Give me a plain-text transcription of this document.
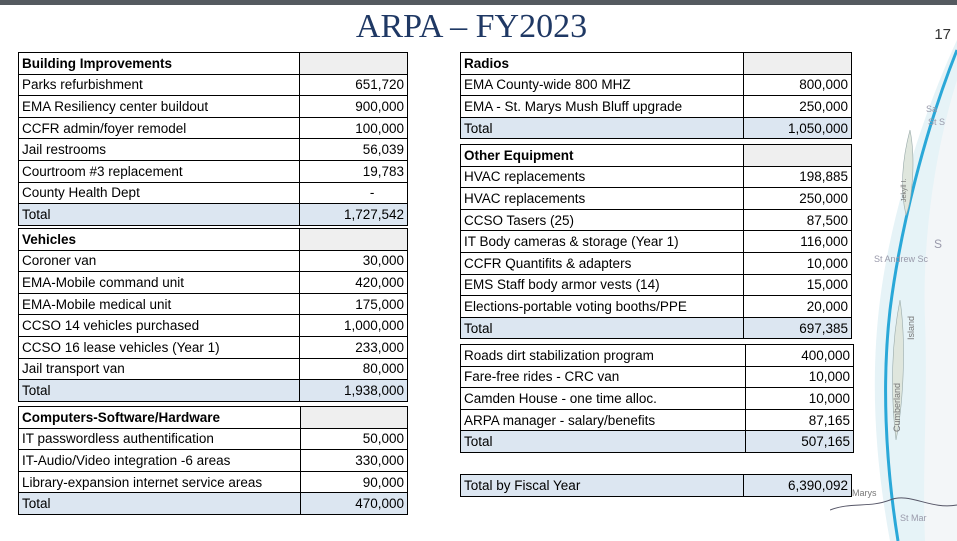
ARPA – FY2023	17
Sa
St S
Jekyll I.
S
St Andrew Sc
Island
Cumberland
Marys
St Mar
Building Improvements	
Parks refurbishment	651,720
EMA Resiliency center buildout	900,000
CCFR admin/foyer remodel	100,000
Jail restrooms	56,039
Courtroom #3 replacement	19,783
County Health Dept	-
Total	1,727,542
Vehicles	
Coroner van	30,000
EMA-Mobile command unit	420,000
EMA-Mobile medical unit	175,000
CCSO 14 vehicles purchased	1,000,000
CCSO 16 lease vehicles (Year 1)	233,000
Jail transport van	80,000
Total	1,938,000
Computers-Software/Hardware	
IT passwordless authentification	50,000
IT-Audio/Video integration -6 areas	330,000
Library-expansion internet service areas	90,000
Total	470,000
Radios	
EMA County-wide 800 MHZ	800,000
EMA - St. Marys Mush Bluff upgrade	250,000
Total	1,050,000
Other Equipment	
HVAC replacements	198,885
HVAC replacements	250,000
CCSO Tasers (25)	87,500
IT Body cameras & storage (Year 1)	116,000
CCFR Quantifits & adapters	10,000
EMS Staff body armor vests (14)	15,000
Elections-portable voting booths/PPE	20,000
Total	697,385
Roads dirt stabilization program	400,000
Fare-free rides - CRC van	10,000
Camden House - one time alloc.	10,000
ARPA manager - salary/benefits	87,165
Total	507,165
Total by Fiscal Year	6,390,092
